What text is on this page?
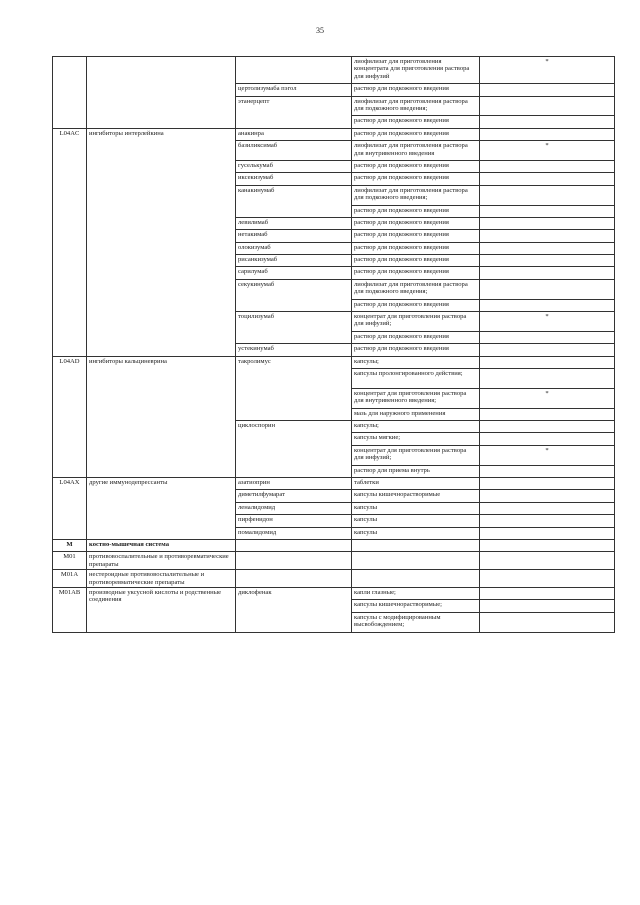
35
			лиофилизат для приготовления концентрата для приготовления раствора для инфузий	*
		цертолизумаба пэгол	раствор для подкожного введения	
		этанерцепт	лиофилизат для приготовления раствора для подкожного введения;	
			раствор для подкожного введения	
L04AC	ингибиторы интерлейкина	анакинра	раствор для подкожного введения	
		базиликсимаб	лиофилизат для приготовления раствора для внутривенного введения	*
		гуселькумаб	раствор для подкожного введения	
		иксекизумаб	раствор для подкожного введения	
		канакинумаб	лиофилизат для приготовления раствора для подкожного введения;	
			раствор для подкожного введения	
		левилимаб	раствор для подкожного введения	
		нетакимаб	раствор для подкожного введения	
		олокизумаб	раствор для подкожного введения	
		рисанкизумаб	раствор для подкожного введения	
		сарилумаб	раствор для подкожного введения	
		секукинумаб	лиофилизат для приготовления раствора для подкожного введения;	
			раствор для подкожного введения	
		тоцилизумаб	концентрат для приготовления раствора для инфузий;	*
			раствор для подкожного введения	
		устекинумаб	раствор для подкожного введения	
L04AD	ингибиторы кальциневрина	такролимус	капсулы;	
			капсулы пролонгированного действия;	
			концентрат для приготовления раствора для внутривенного введения;	*
			мазь для наружного применения	
		циклоспорин	капсулы;	
			капсулы мягкие;	
			концентрат для приготовления раствора для инфузий;	*
			раствор для приема внутрь	
L04AX	другие иммунодепрессанты	азатиоприн	таблетки	
		диметилфумарат	капсулы кишечнорастворимые	
		леналидомид	капсулы	
		пирфенидон	капсулы	
		помалидомид	капсулы	
M	костно-мышечная система			
M01	противовоспалительные и противоревматические препараты			
M01A	нестероидные противовоспалительные и противоревматические препараты			
M01AB	производные уксусной кислоты и родственные соединения	диклофенак	капли глазные;	
			капсулы кишечнорастворимые;	
			капсулы с модифицированным высвобождением;	
